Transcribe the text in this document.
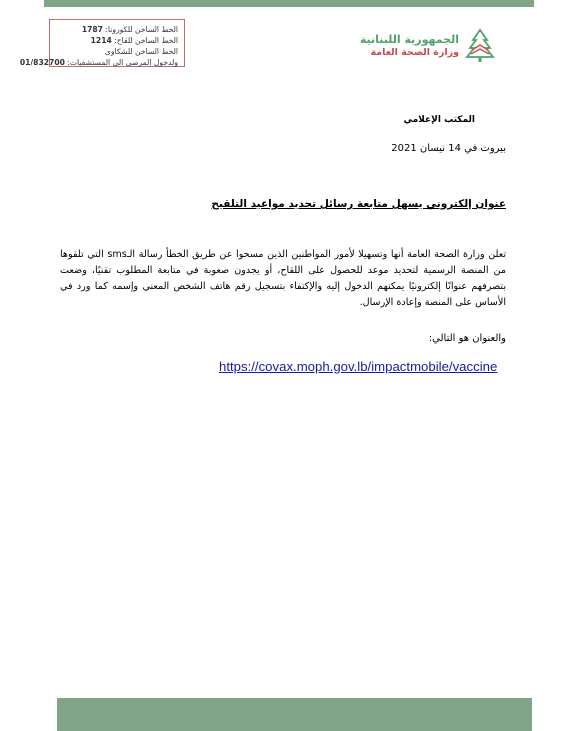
الخط الساخن للكورونا: 1787
الخط الساخن للقاح: 1214
الخط الساخن للشكاوى
ولدخول المرضى الى المستشفيات: 01/832700
الجمهورية اللبنانية
وزارة الصحة العامة
المكتب الإعلامي
بيروت في 14 نيسان 2021
عنوان إلكتروني يسهل متابعة رسائل تحديد مواعيد التلقيح
تعلن وزارة الصحة العامة أنها وتسهيلا لأمور المواطنين الذين مسحوا عن طريق الخطأ رسالة الـsms التي تلقوها من المنصة الرسمية لتحديد موعد للحصول على اللقاح، أو يجدون صعوبة في متابعة المطلوب تقنيًا، وضعت بتصرفهم عنوانًا إلكترونيًا يمكنهم الدخول إليه والإكتفاء بتسجيل رقم هاتف الشخص المعني وإسمه كما ورد في الأساس على المنصة وإعادة الإرسال.
والعنوان هو التالي:
https://covax.moph.gov.lb/impactmobile/vaccine
